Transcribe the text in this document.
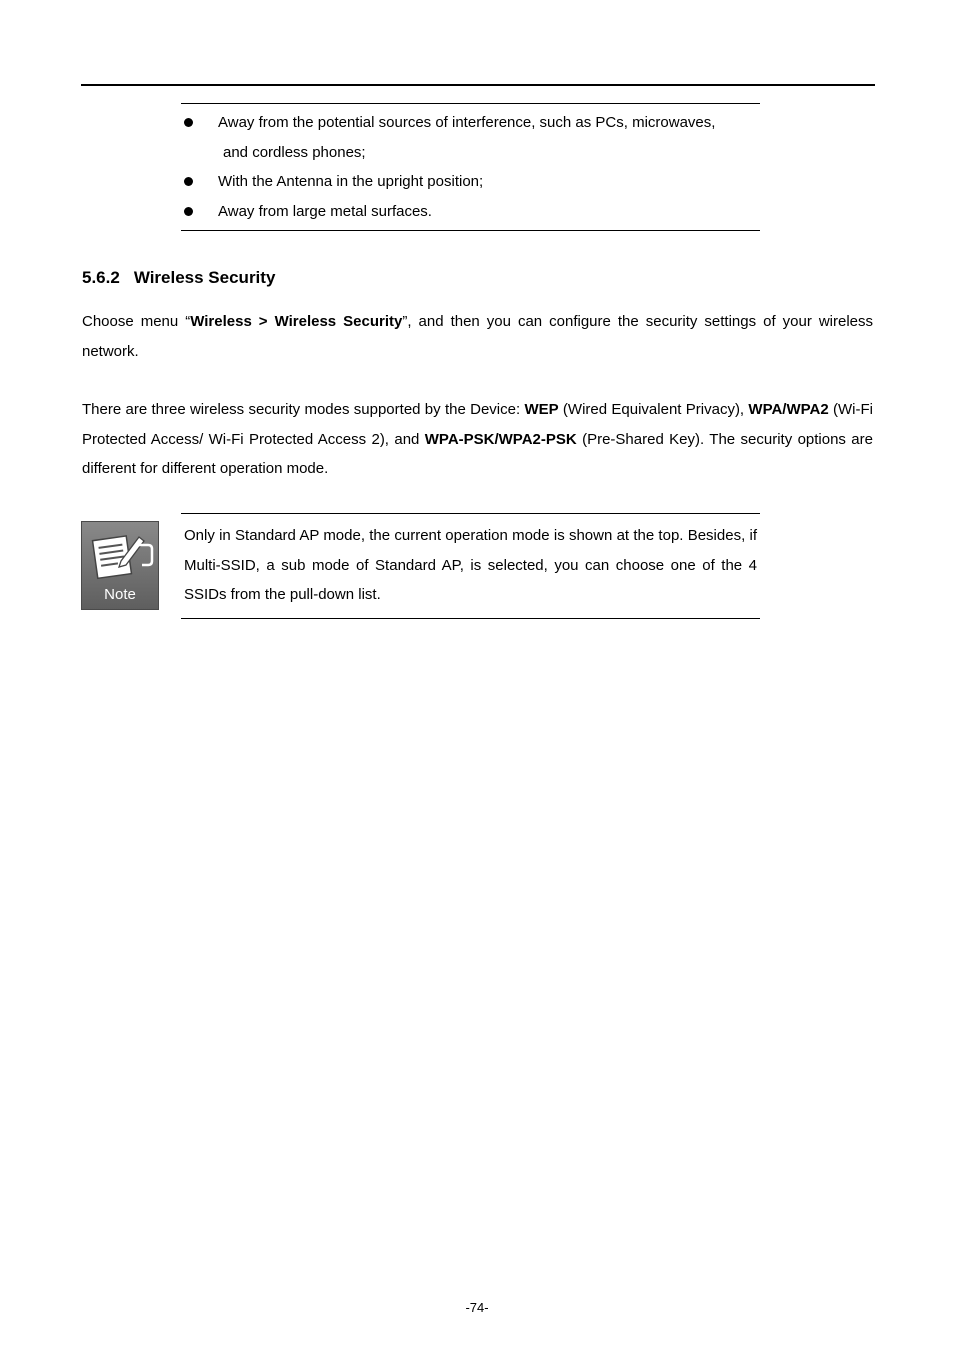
Away from the potential sources of interference, such as PCs, microwaves,
and cordless phones;
With the Antenna in the upright position;
Away from large metal surfaces.
5.6.2 Wireless Security

Choose menu “Wireless > Wireless Security”, and then you can configure the security settings of your wireless network.

There are three wireless security modes supported by the Device: WEP (Wired Equivalent Privacy), WPA/WPA2 (Wi-Fi Protected Access/ Wi-Fi Protected Access 2), and WPA-PSK/WPA2-PSK (Pre-Shared Key). The security options are different for different operation mode.

Note

Only in Standard AP mode, the current operation mode is shown at the top. Besides, if Multi-SSID, a sub mode of Standard AP, is selected, you can choose one of the 4 SSIDs from the pull-down list.

-74-
